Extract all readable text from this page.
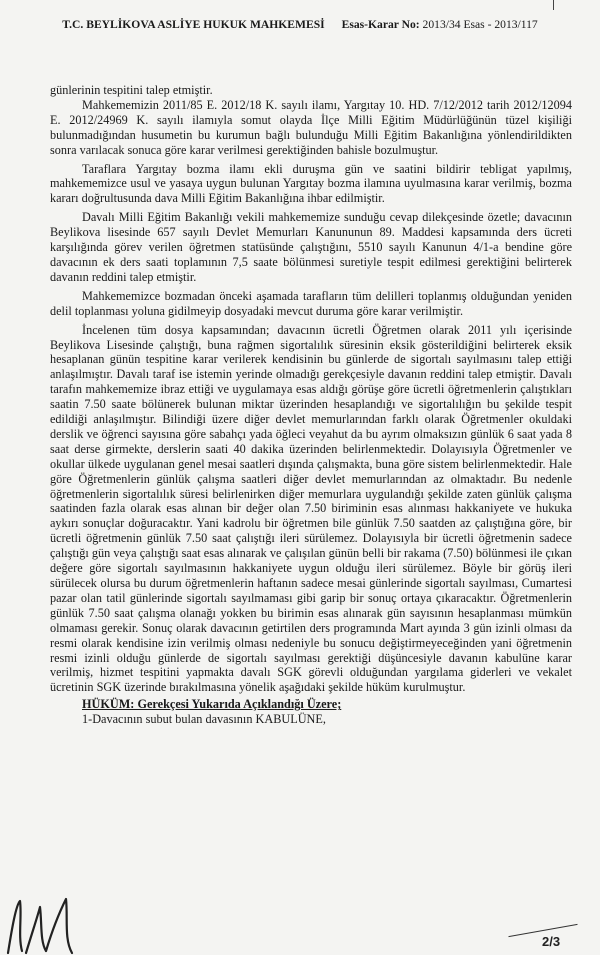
T.C. BEYLİKOVA ASLİYE HUKUK MAHKEMESİ Esas-Karar No: 2013/34 Esas - 2013/117

günlerinin tespitini talep etmiştir.

Mahkememizin 2011/85 E. 2012/18 K. sayılı ilamı, Yargıtay 10. HD. 7/12/2012 tarih 2012/12094 E. 2012/24969 K. sayılı ilamıyla somut olayda İlçe Milli Eğitim Müdürlüğünün tüzel kişiliği bulunmadığından husumetin bu kurumun bağlı bulunduğu Milli Eğitim Bakanlığına yönlendirildikten sonra varılacak sonuca göre karar verilmesi gerektiğinden bahisle bozulmuştur.

Taraflara Yargıtay bozma ilamı ekli duruşma gün ve saatini bildirir tebligat yapılmış, mahkememizce usul ve yasaya uygun bulunan Yargıtay bozma ilamına uyulmasına karar verilmiş, bozma kararı doğrultusunda dava Milli Eğitim Bakanlığına ihbar edilmiştir.

Davalı Milli Eğitim Bakanlığı vekili mahkememize sunduğu cevap dilekçesinde özetle; davacının Beylikova lisesinde 657 sayılı Devlet Memurları Kanununun 89. Maddesi kapsamında ders ücreti karşılığında görev verilen öğretmen statüsünde çalıştığını, 5510 sayılı Kanunun 4/1-a bendine göre davacının ek ders saati toplamının 7,5 saate bölünmesi suretiyle tespit edilmesi gerektiğini belirterek davanın reddini talep etmiştir.

Mahkememizce bozmadan önceki aşamada tarafların tüm delilleri toplanmış olduğundan yeniden delil toplanması yoluna gidilmeyip dosyadaki mevcut duruma göre karar verilmiştir.

İncelenen tüm dosya kapsamından; davacının ücretli Öğretmen olarak 2011 yılı içerisinde Beylikova Lisesinde çalıştığı, buna rağmen sigortalılık süresinin eksik gösterildiğini belirterek eksik hesaplanan günün tespitine karar verilerek kendisinin bu günlerde de sigortalı sayılmasını talep ettiği anlaşılmıştır. Davalı taraf ise istemin yerinde olmadığı gerekçesiyle davanın reddini talep etmiştir. Davalı tarafın mahkememize ibraz ettiği ve uygulamaya esas aldığı görüşe göre ücretli öğretmenlerin çalıştıkları saatin 7.50 saate bölünerek bulunan miktar üzerinden hesaplandığı ve sigortalılığın bu şekilde tespit edildiği anlaşılmıştır. Bilindiği üzere diğer devlet memurlarından farklı olarak Öğretmenler okuldaki derslik ve öğrenci sayısına göre sabahçı yada öğleci veyahut da bu ayrım olmaksızın günlük 6 saat yada 8 saat derse girmekte, derslerin saati 40 dakika üzerinden belirlenmektedir. Dolayısıyla Öğretmenler ve okullar ülkede uygulanan genel mesai saatleri dışında çalışmakta, buna göre sistem belirlenmektedir. Hale göre Öğretmenlerin günlük çalışma saatleri diğer devlet memurlarından az olmaktadır. Bu nedenle öğretmenlerin sigortalılık süresi belirlenirken diğer memurlara uygulandığı şekilde zaten günlük çalışma saatinden fazla olarak esas alınan bir değer olan 7.50 biriminin esas alınması hakkaniyete ve hukuka aykırı sonuçlar doğuracaktır. Yani kadrolu bir öğretmen bile günlük 7.50 saatden az çalıştığına göre, bir ücretli öğretmenin günlük 7.50 saat çalıştığı ileri sürülemez. Dolayısıyla bir ücretli öğretmenin sadece çalıştığı gün veya çalıştığı saat esas alınarak ve çalışılan günün belli bir rakama (7.50) bölünmesi ile çıkan değere göre sigortalı sayılmasının hakkaniyete uygun olduğu ileri sürülemez. Böyle bir görüş ileri sürülecek olursa bu durum öğretmenlerin haftanın sadece mesai günlerinde sigortalı sayılması, Cumartesi pazar olan tatil günlerinde sigortalı sayılmaması gibi garip bir sonuç ortaya çıkaracaktır. Öğretmenlerin günlük 7.50 saat çalışma olanağı yokken bu birimin esas alınarak gün sayısının hesaplanması mümkün olmaması gerekir. Sonuç olarak davacının getirtilen ders programında Mart ayında 3 gün izinli olması da resmi olarak kendisine izin verilmiş olması nedeniyle bu sonucu değiştirmeyeceğinden yani öğretmenin resmi izinli olduğu günlerde de sigortalı sayılması gerektiği düşüncesiyle davanın kabulüne karar verilmiş, hizmet tespitini yapmakta davalı SGK görevli olduğundan yargılama giderleri ve vekalet ücretinin SGK üzerinde bırakılmasına yönelik aşağıdaki şekilde hüküm kurulmuştur.

HÜKÜM: Gerekçesi Yukarıda Açıklandığı Üzere;

1-Davacının subut bulan davasının KABULÜNE,

2/3
